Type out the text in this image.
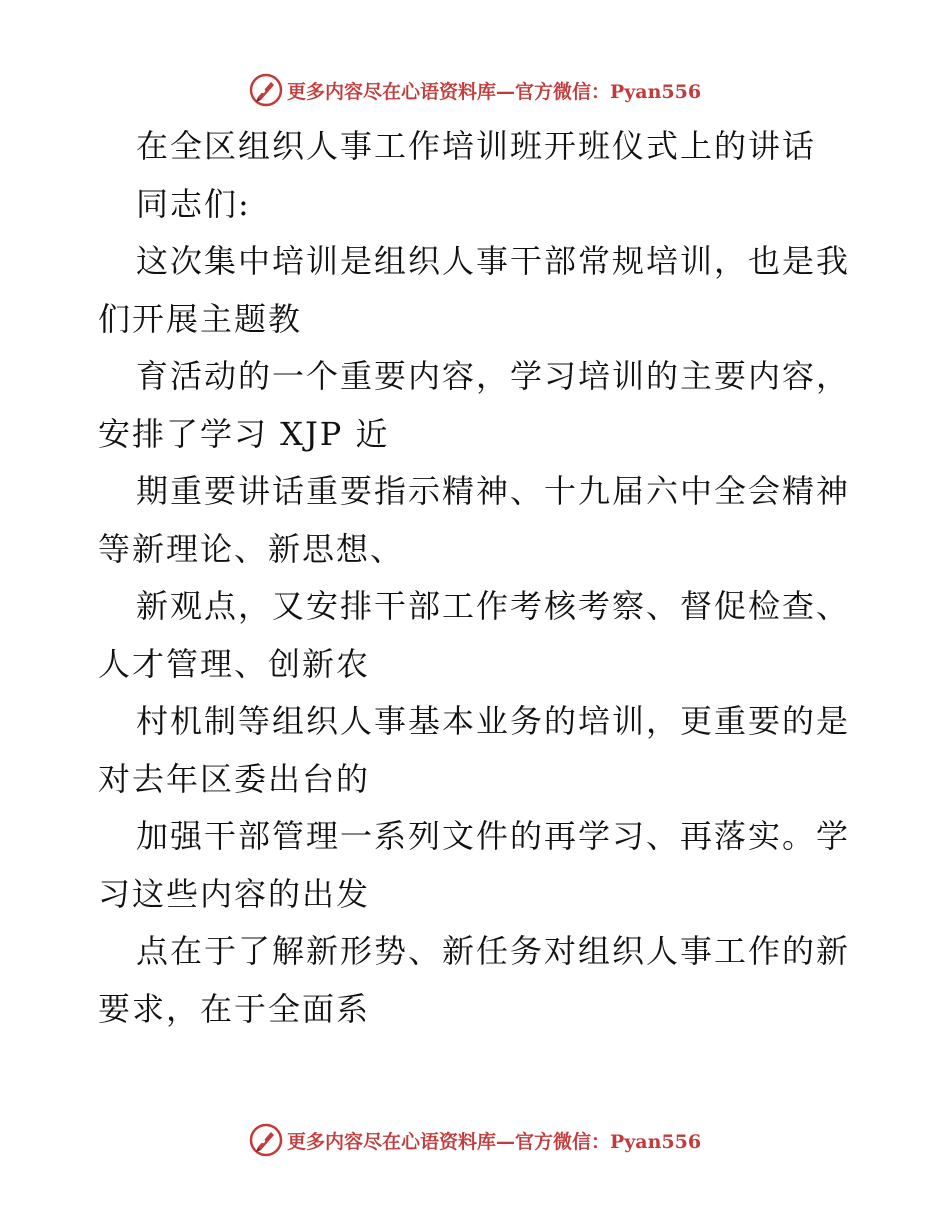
更多内容尽在心语资料库—官方微信：Pyan556
在全区组织人事工作培训班开班仪式上的讲话
同志们:
这次集中培训是组织人事干部常规培训，也是我
们开展主题教
育活动的一个重要内容，学习培训的主要内容，
安排了学习 XJP 近
期重要讲话重要指示精神、十九届六中全会精神
等新理论、新思想、
新观点，又安排干部工作考核考察、督促检查、
人才管理、创新农
村机制等组织人事基本业务的培训，更重要的是
对去年区委出台的
加强干部管理一系列文件的再学习、再落实。学
习这些内容的出发
点在于了解新形势、新任务对组织人事工作的新
要求，在于全面系
更多内容尽在心语资料库—官方微信：Pyan556
